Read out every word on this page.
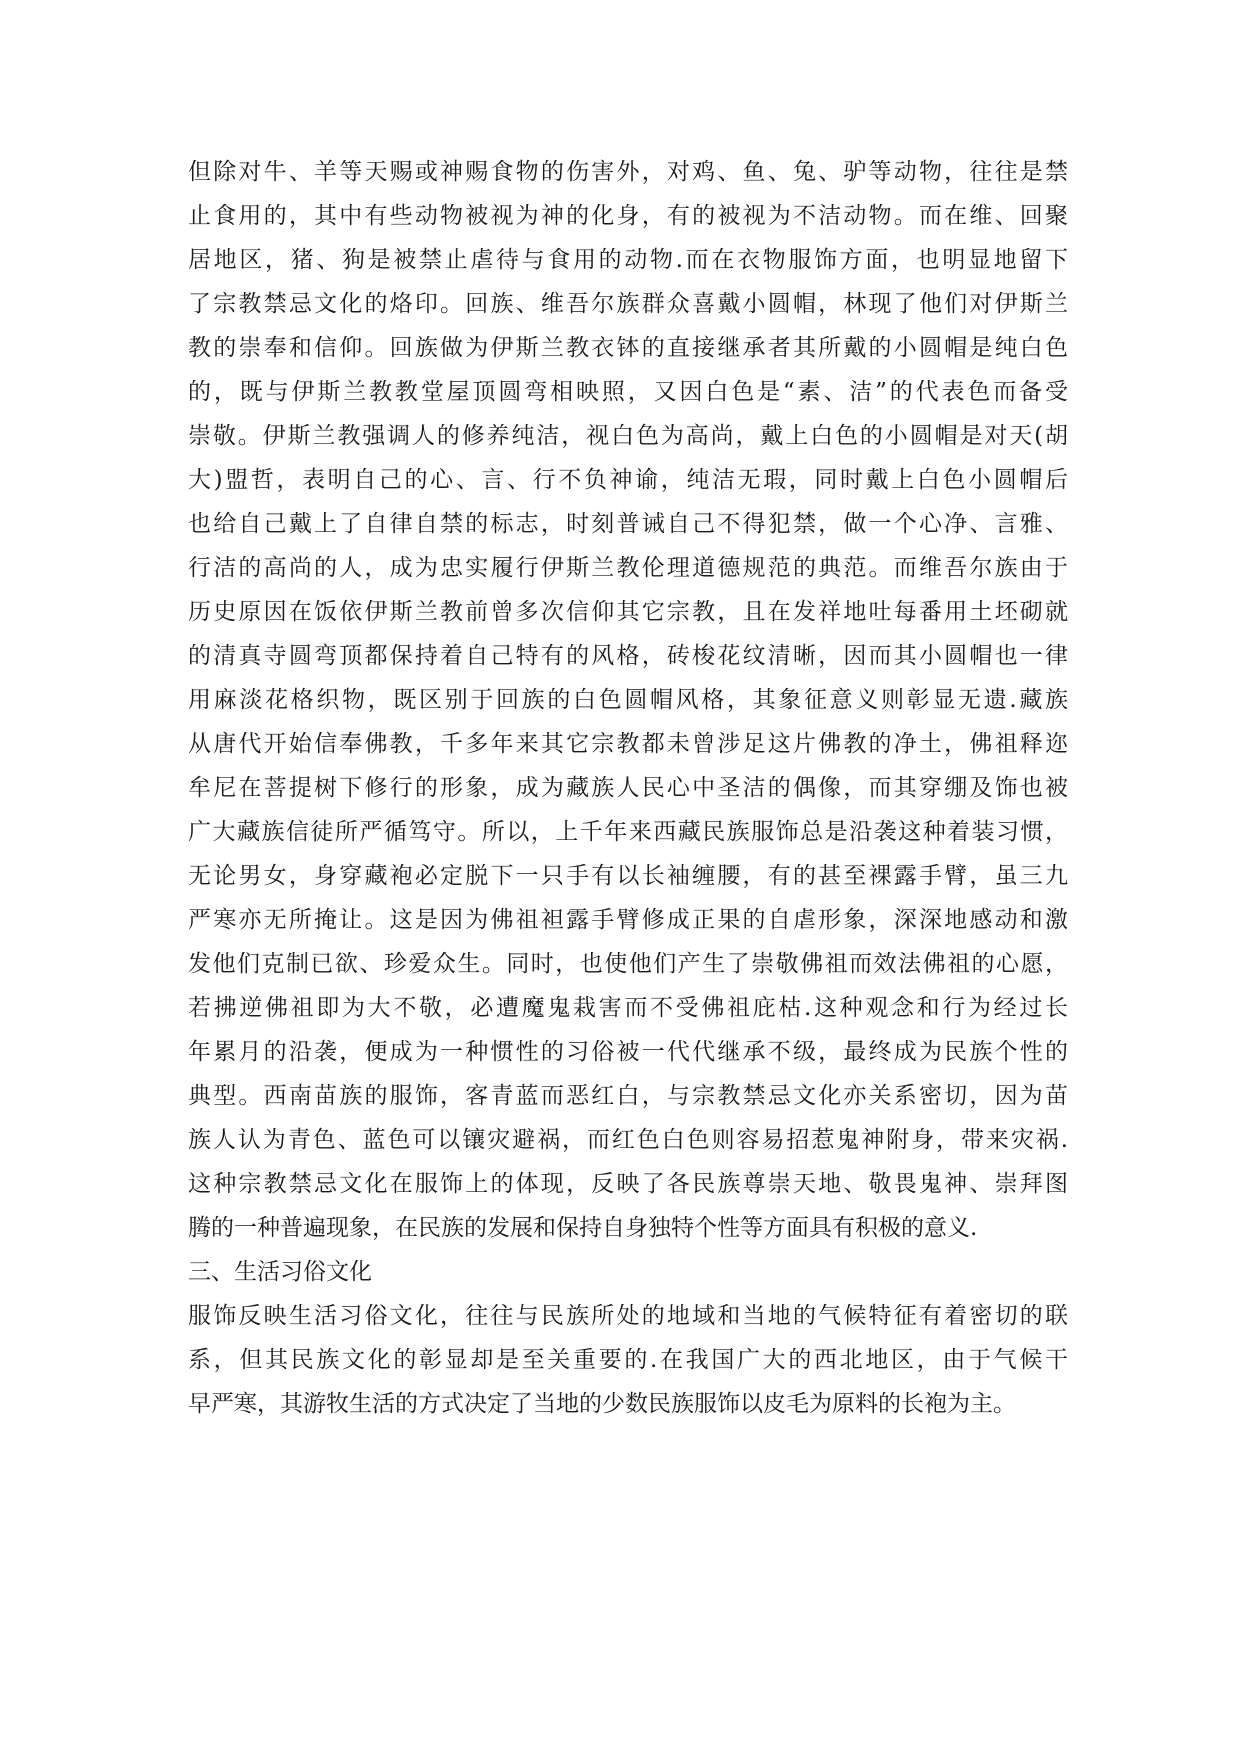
但除对牛、羊等天赐或神赐食物的伤害外，对鸡、鱼、兔、驴等动物，往往是禁
止食用的，其中有些动物被视为神的化身，有的被视为不洁动物。而在维、回聚
居地区，猪、狗是被禁止虐待与食用的动物.而在衣物服饰方面，也明显地留下
了宗教禁忌文化的烙印。回族、维吾尔族群众喜戴小圆帽，林现了他们对伊斯兰
教的崇奉和信仰。回族做为伊斯兰教衣钵的直接继承者其所戴的小圆帽是纯白色
的，既与伊斯兰教教堂屋顶圆弯相映照，又因白色是“素、洁”的代表色而备受
崇敬。伊斯兰教强调人的修养纯洁，视白色为高尚，戴上白色的小圆帽是对天(胡
大)盟哲，表明自己的心、言、行不负神谕，纯洁无瑕，同时戴上白色小圆帽后
也给自己戴上了自律自禁的标志，时刻普诫自己不得犯禁，做一个心净、言雅、
行洁的高尚的人，成为忠实履行伊斯兰教伦理道德规范的典范。而维吾尔族由于
历史原因在饭依伊斯兰教前曾多次信仰其它宗教，且在发祥地吐每番用土坯砌就
的清真寺圆弯顶都保持着自己特有的风格，砖梭花纹清晰，因而其小圆帽也一律
用麻淡花格织物，既区别于回族的白色圆帽风格，其象征意义则彰显无遗.藏族
从唐代开始信奉佛教，千多年来其它宗教都未曾涉足这片佛教的净土，佛祖释迩
牟尼在菩提树下修行的形象，成为藏族人民心中圣洁的偶像，而其穿绷及饰也被
广大藏族信徒所严循笃守。所以，上千年来西藏民族服饰总是沿袭这种着装习惯，
无论男女，身穿藏袍必定脱下一只手有以长袖缠腰，有的甚至裸露手臂，虽三九
严寒亦无所掩让。这是因为佛祖袒露手臂修成正果的自虐形象，深深地感动和激
发他们克制已欲、珍爱众生。同时，也使他们产生了崇敬佛祖而效法佛祖的心愿，
若拂逆佛祖即为大不敬，必遭魔鬼栽害而不受佛祖庇枯.这种观念和行为经过长
年累月的沿袭，便成为一种惯性的习俗被一代代继承不级，最终成为民族个性的
典型。西南苗族的服饰，客青蓝而恶红白，与宗教禁忌文化亦关系密切，因为苗
族人认为青色、蓝色可以镶灾避祸，而红色白色则容易招惹鬼神附身，带来灾祸.
这种宗教禁忌文化在服饰上的体现，反映了各民族尊崇天地、敬畏鬼神、崇拜图
腾的一种普遍现象，在民族的发展和保持自身独特个性等方面具有积极的意义.
三、生活习俗文化
服饰反映生活习俗文化，往往与民族所处的地域和当地的气候特征有着密切的联
系，但其民族文化的彰显却是至关重要的.在我国广大的西北地区，由于气候干
早严寒，其游牧生活的方式决定了当地的少数民族服饰以皮毛为原料的长袍为主。
